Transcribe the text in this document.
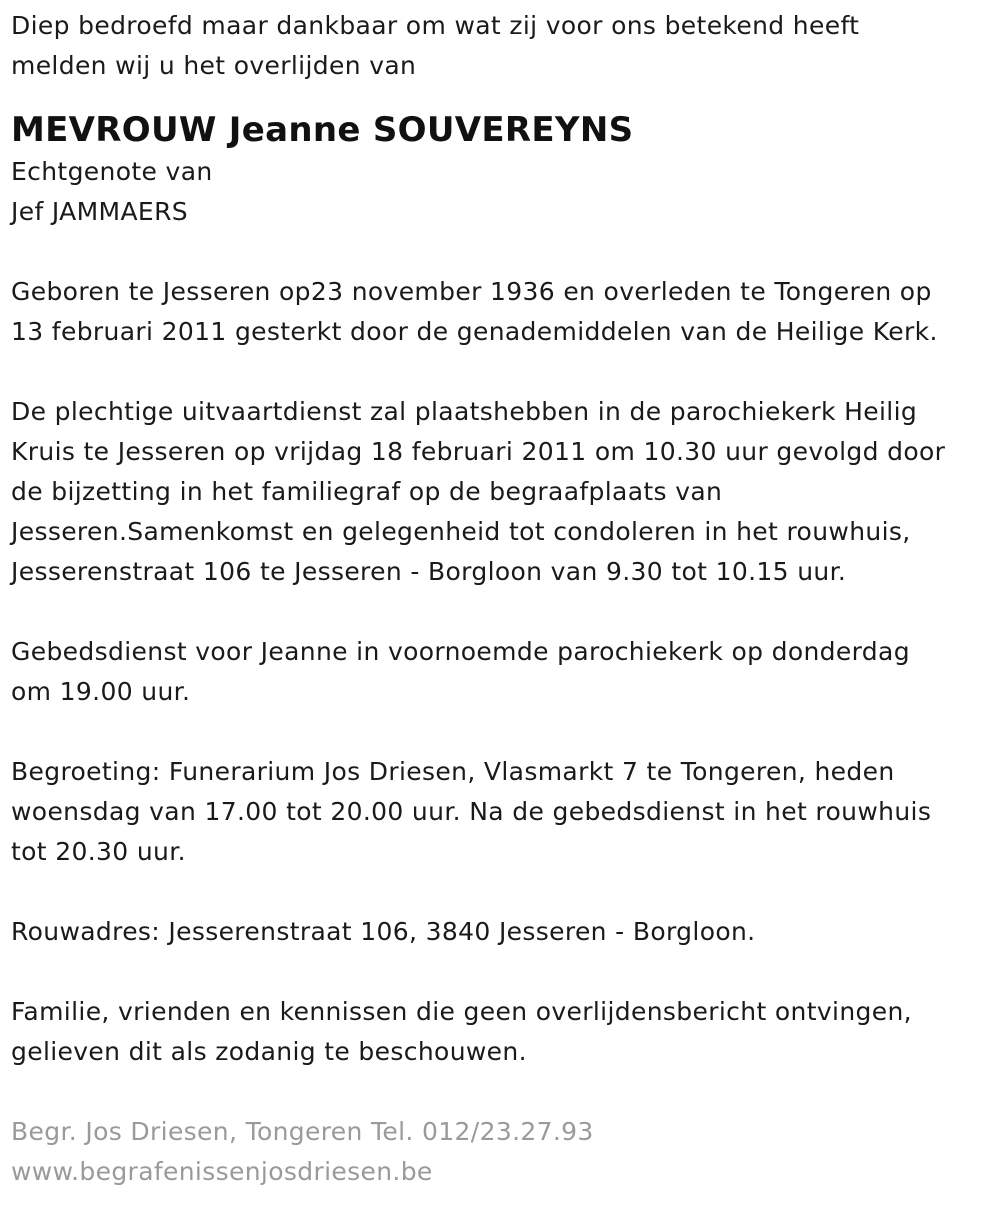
Diep bedroefd maar dankbaar om wat zij voor ons betekend heeft
melden wij u het overlijden van
MEVROUW Jeanne SOUVEREYNS
Echtgenote van
Jef JAMMAERS
Geboren te Jesseren op23 november 1936 en overleden te Tongeren op
13 februari 2011 gesterkt door de genademiddelen van de Heilige Kerk.
De plechtige uitvaartdienst zal plaatshebben in de parochiekerk Heilig
Kruis te Jesseren op vrijdag 18 februari 2011 om 10.30 uur gevolgd door
de bijzetting in het familiegraf op de begraafplaats van
Jesseren.Samenkomst en gelegenheid tot condoleren in het rouwhuis,
Jesserenstraat 106 te Jesseren - Borgloon van 9.30 tot 10.15 uur.
Gebedsdienst voor Jeanne in voornoemde parochiekerk op donderdag
om 19.00 uur.
Begroeting: Funerarium Jos Driesen, Vlasmarkt 7 te Tongeren, heden
woensdag van 17.00 tot 20.00 uur. Na de gebedsdienst in het rouwhuis
tot 20.30 uur.
Rouwadres: Jesserenstraat 106, 3840 Jesseren - Borgloon.
Familie, vrienden en kennissen die geen overlijdensbericht ontvingen,
gelieven dit als zodanig te beschouwen.
Begr. Jos Driesen, Tongeren Tel. 012/23.27.93
www.begrafenissenjosdriesen.be
